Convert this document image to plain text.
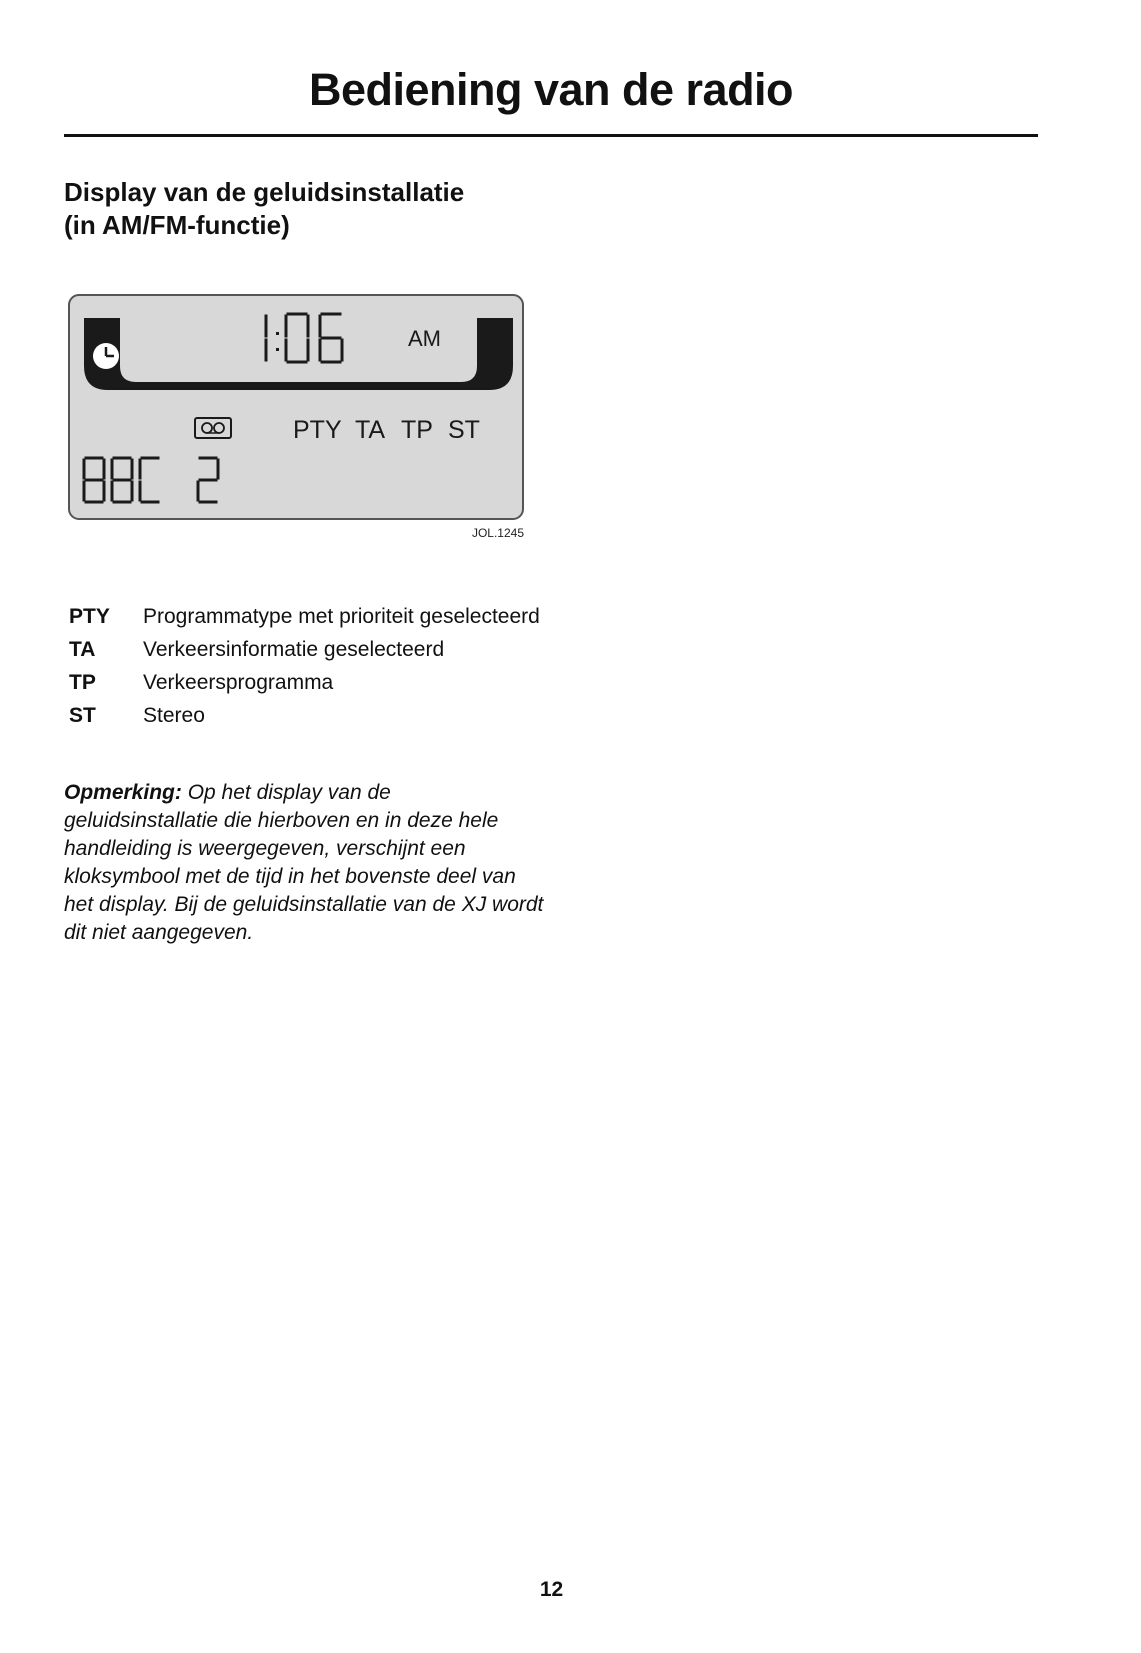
Bediening van de radio
Display van de geluidsinstallatie
(in AM/FM-functie)
AM
PTY TA TP ST
JOL.1245
PTY	Programmatype met prioriteit geselecteerd
TA	Verkeersinformatie geselecteerd
TP	Verkeersprogramma
ST	Stereo

Opmerking: Op het display van de geluidsinstallatie die hierboven en in deze hele handleiding is weergegeven, verschijnt een kloksymbool met de tijd in het bovenste deel van het display. Bij de geluidsinstallatie van de XJ wordt dit niet aangegeven.

12
